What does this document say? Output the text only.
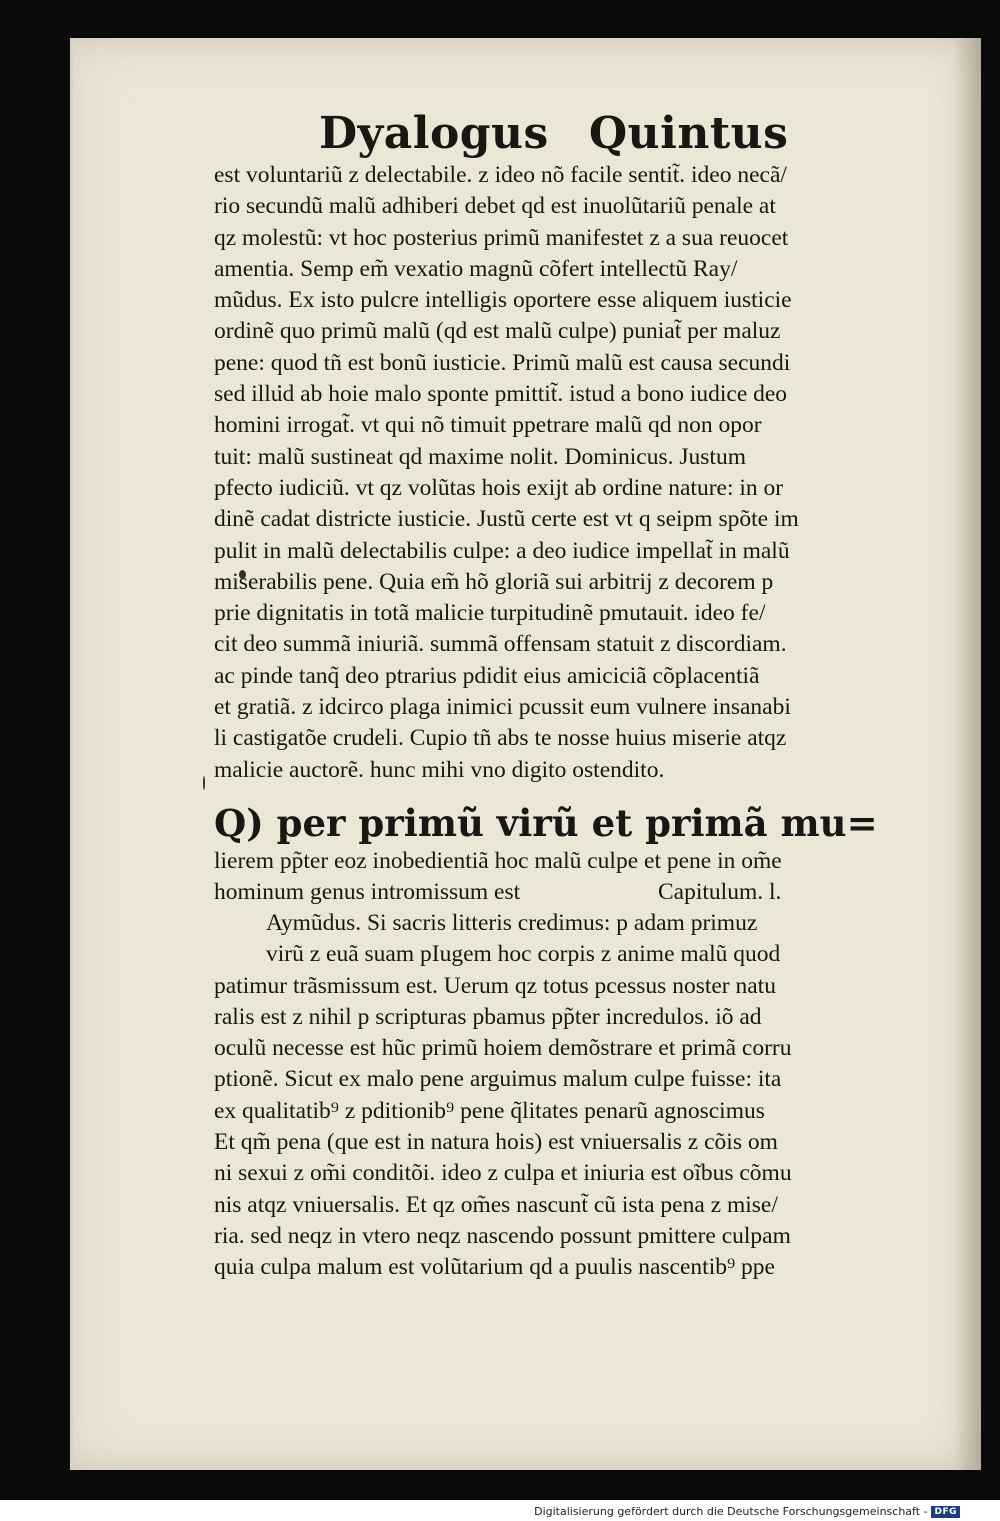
Dyalogus Quintus
est voluntariũ z delectabile. z ideo nõ facile sentit̃. ideo necã/
rio secundũ malũ adhiberi debet qd est inuolũtariũ penale at
qz molestũ: vt hoc posterius primũ manifestet z a sua reuocet
amentia. Semp em̃ vexatio magnũ cõfert intellectũ Ray/
mũdus. Ex isto pulcre intelligis oportere esse aliquem iusticie
ordinẽ quo primũ malũ (qd est malũ culpe) puniat̃ per maluz
pene: quod tñ est bonũ iusticie. Primũ malũ est causa secundi
sed illud ab hoie malo sponte pmittit̃. istud a bono iudice deo
homini irrogat̃. vt qui nõ timuit ppetrare malũ qd non opor
tuit: malũ sustineat qd maxime nolit. Dominicus. Justum
pfecto iudiciũ. vt qz volũtas hois exijt ab ordine nature: in or
dinẽ cadat districte iusticie. Justũ certe est vt q seipm spõte im
pulit in malũ delectabilis culpe: a deo iudice impellat̃ in malũ
miserabilis pene. Quia em̃ hõ gloriã sui arbitrij z decorem p
prie dignitatis in totã malicie turpitudinẽ pmutauit. ideo fe/
cit deo summã iniuriã. summã offensam statuit z discordiam.
ac pinde tanq̃ deo ptrarius pdidit eius amiciciã cõplacentiã
et gratiã. z idcirco plaga inimici pcussit eum vulnere insanabi
li castigatõe crudeli. Cupio tñ abs te nosse huius miserie atqz
malicie auctorẽ. hunc mihi vno digito ostendito.
Q) per primũ virũ et primã mu=
lierem pp̃ter eoz inobedientiã hoc malũ culpe et pene in om̃e
hominum genus intromissum est	Capitulum. l.
Aymũdus. Si sacris litteris credimus: p adam primuz
virũ z euã suam pIugem hoc corpis z anime malũ quod
patimur trãsmissum est. Uerum qz totus pcessus noster natu
ralis est z nihil p scripturas pbamus pp̃ter incredulos. iõ ad
oculũ necesse est hũc primũ hoiem demõstrare et primã corru
ptionẽ. Sicut ex malo pene arguimus malum culpe fuisse: ita
ex qualitatib⁹ z pditionib⁹ pene q̃litates penarũ agnoscimus
Et qm̃ pena (que est in natura hois) est vniuersalis z cõis om
ni sexui z om̃i conditõi. ideo z culpa et iniuria est oĩbus cõmu
nis atqz vniuersalis. Et qz om̃es nascunt̃ cũ ista pena z mise/
ria. sed neqz in vtero neqz nascendo possunt pmittere culpam
quia culpa malum est volũtarium qd a puulis nascentib⁹ ppe
Digitalisierung gefördert durch die Deutsche Forschungsgemeinschaft - DFG
